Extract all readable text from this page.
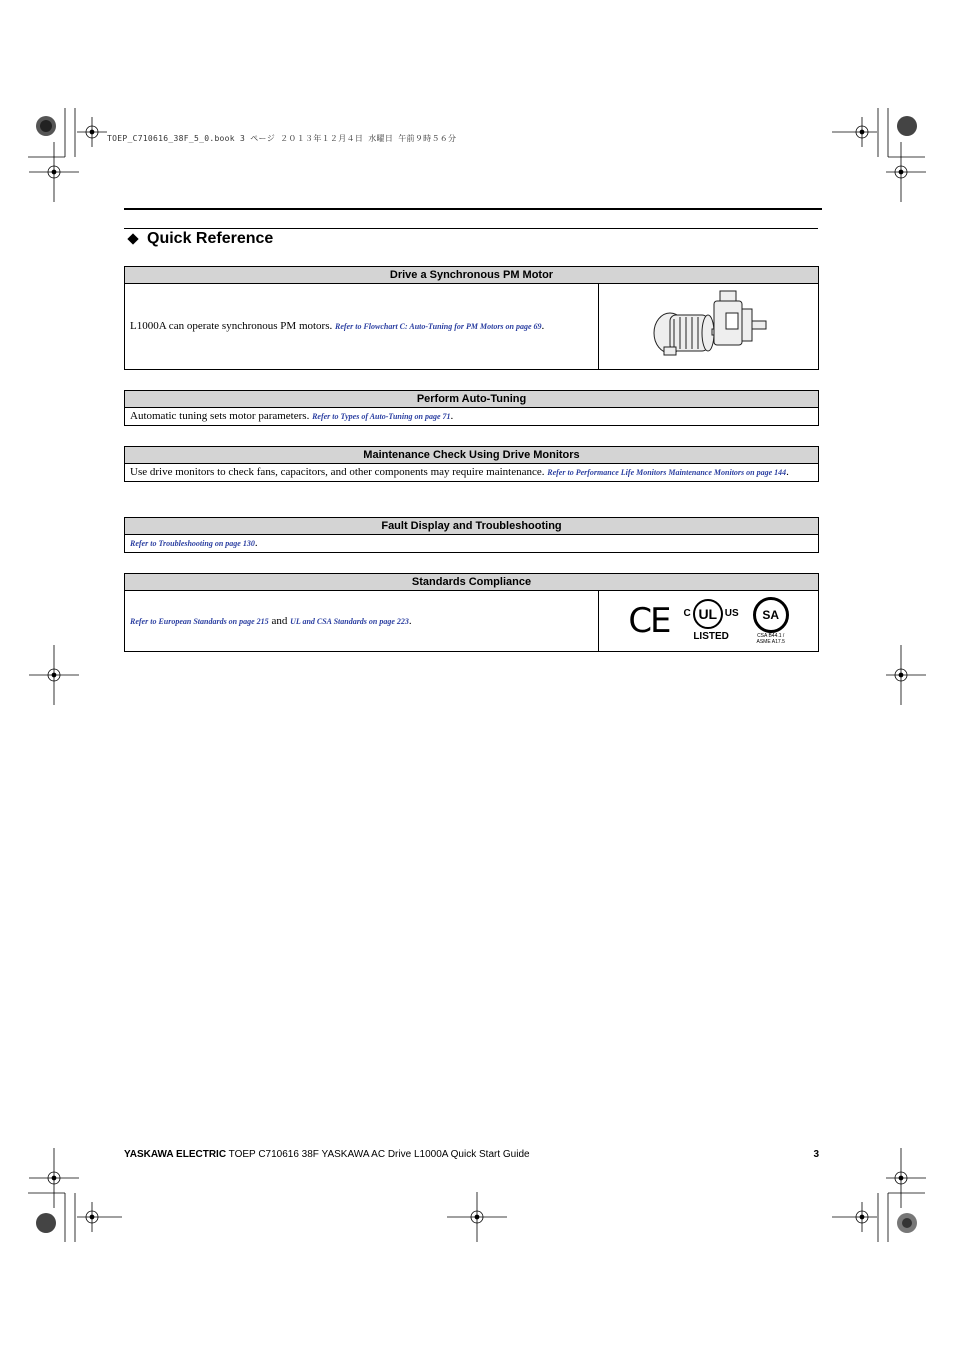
TOEP_C710616_38F_5_0.book 3 ページ ２０１３年１２月４日 水曜日 午前９時５６分
Quick Reference
Drive a Synchronous PM Motor
L1000A can operate synchronous PM motors. Refer to Flowchart C: Auto-Tuning for PM Motors on page 69.	
Perform Auto-Tuning
Automatic tuning sets motor parameters. Refer to Types of Auto-Tuning on page 71.
Maintenance Check Using Drive Monitors
Use drive monitors to check fans, capacitors, and other components may require maintenance. Refer to Performance Life Monitors Maintenance Monitors on page 144.
Fault Display and Troubleshooting
Refer to Troubleshooting on page 130.
Standards Compliance
Refer to European Standards on page 215 and UL and CSA Standards on page 223.	CE C UL US
LISTED
SA
CSA B44.1 /
ASME A17.5
YASKAWA ELECTRIC TOEP C710616 38F YASKAWA AC Drive L1000A Quick Start Guide	3
